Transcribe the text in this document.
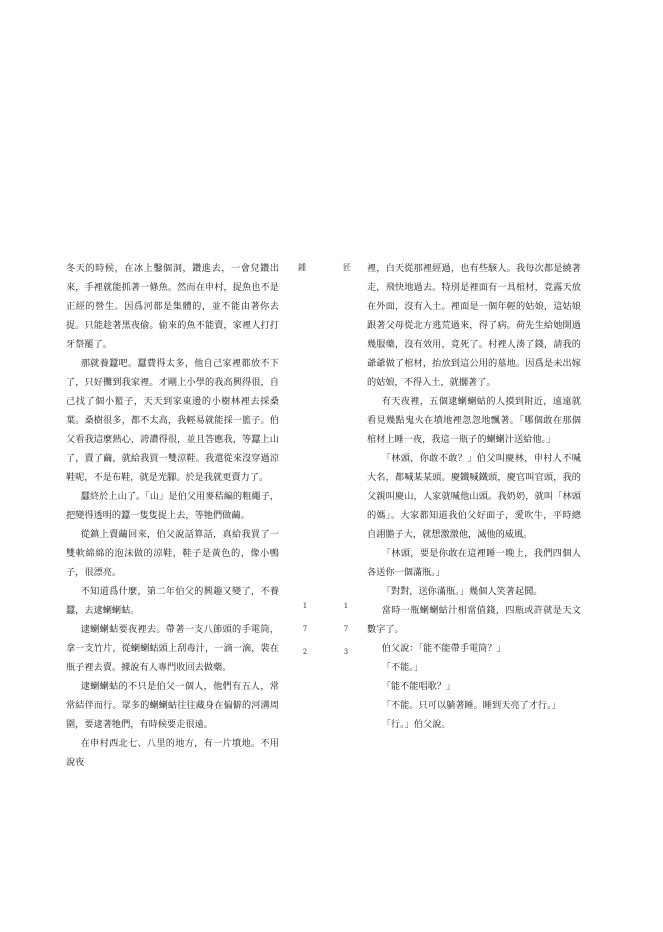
鍾	匠
1
7
2
1
7
3

冬天的時候，在冰上鑿個洞，鑽進去，一會兒鑽出來，手裡就能抓著一條魚。然而在申村，捉魚也不是正經的營生。因爲河都是集體的，並不能由著你去捉。只能趁著黑夜偷。偷來的魚不能賣，家裡人打打牙祭罷了。

那就養蠶吧。蠶費得太多，他自己家裡都放不下了，只好攤到我家裡。才剛上小學的我高興得很，自己找了個小籃子，天天到家東邊的小樹林裡去採桑葉。桑樹很多，都不太高，我輕易就能採一籃子。伯父看我這麼熱心，誇讚得很，並且答應我，等蠶上山了，賣了繭，就給我買一雙涼鞋。我還從來沒穿過涼鞋呢，不是布鞋，就是光腳。於是我就更賣力了。

蠶終於上山了。「山」是伯父用麥秸編的粗繩子，把變得透明的蠶一隻隻捉上去，等牠們做繭。

從鎮上賣繭回來，伯父說話算話，真給我買了一雙軟綿綿的泡沫做的涼鞋，鞋子是黃色的，像小鴨子，很漂亮。

不知道爲什麼，第二年伯父的興趣又變了，不養蠶，去逮蝲蝲蛄。

逮蝲蝲蛄要夜裡去。帶著一支八節頭的手電筒，拿一支竹片，從蝲蝲蛄頭上刮毒汁，一滴一滴，裝在瓶子裡去賣。據說有人專門收回去做藥。

逮蝲蝲蛄的不只是伯父一個人，他們有五人，常常結伴而行。眾多的蝲蝲蛄往往藏身在偏僻的河溝周圍，要逮著牠們，有時候要走很遠。

在申村西北七、八里的地方，有一片墳地。不用說夜

裡，白天從那裡經過，也有些駭人。我每次都是繞著走，飛快地過去。特別是裡面有一具棺材，竟露天放在外面，沒有入土。裡面是一個年輕的姑娘，這姑娘跟著父母從北方逃荒過來，得了病。荷先生給她開過幾服藥，沒有效用，竟死了。村裡人湊了錢，請我的爺爺做了棺材，抬放到這公用的墓地。因爲是未出嫁的姑娘，不得入土，就擱著了。

有天夜裡，五個逮蝲蝲蛄的人摸到附近，遠遠就看見幾點鬼火在墳地裡忽忽地飄著。「哪個敢在那個棺材上睡一夜，我這一瓶子的蝲蝲汁送給他。」

「林頭，你敢不敢？」伯父叫慶林，申村人不喊大名，都喊某某頭。慶鐵喊鐵頭，慶官叫官頭，我的父親叫慶山，人家就喊他山頭。我奶奶，就叫「林頭的媽」。大家都知道我伯父好面子，愛吹牛，平時總自詡膽子大，就想激激他，滅他的威風。

「林頭，要是你敢在這裡睡一晚上，我們四個人各送你一個滿瓶。」

「對對，送你滿瓶。」幾個人笑著起鬨。

當時一瓶蝲蝲蛄汁相當值錢，四瓶或許就是天文數字了。

伯父說：「能不能帶手電筒？」

「不能。」

「能不能唱歌？」

「不能。只可以躺著睡。睡到天亮了才行。」

「行。」伯父說。
